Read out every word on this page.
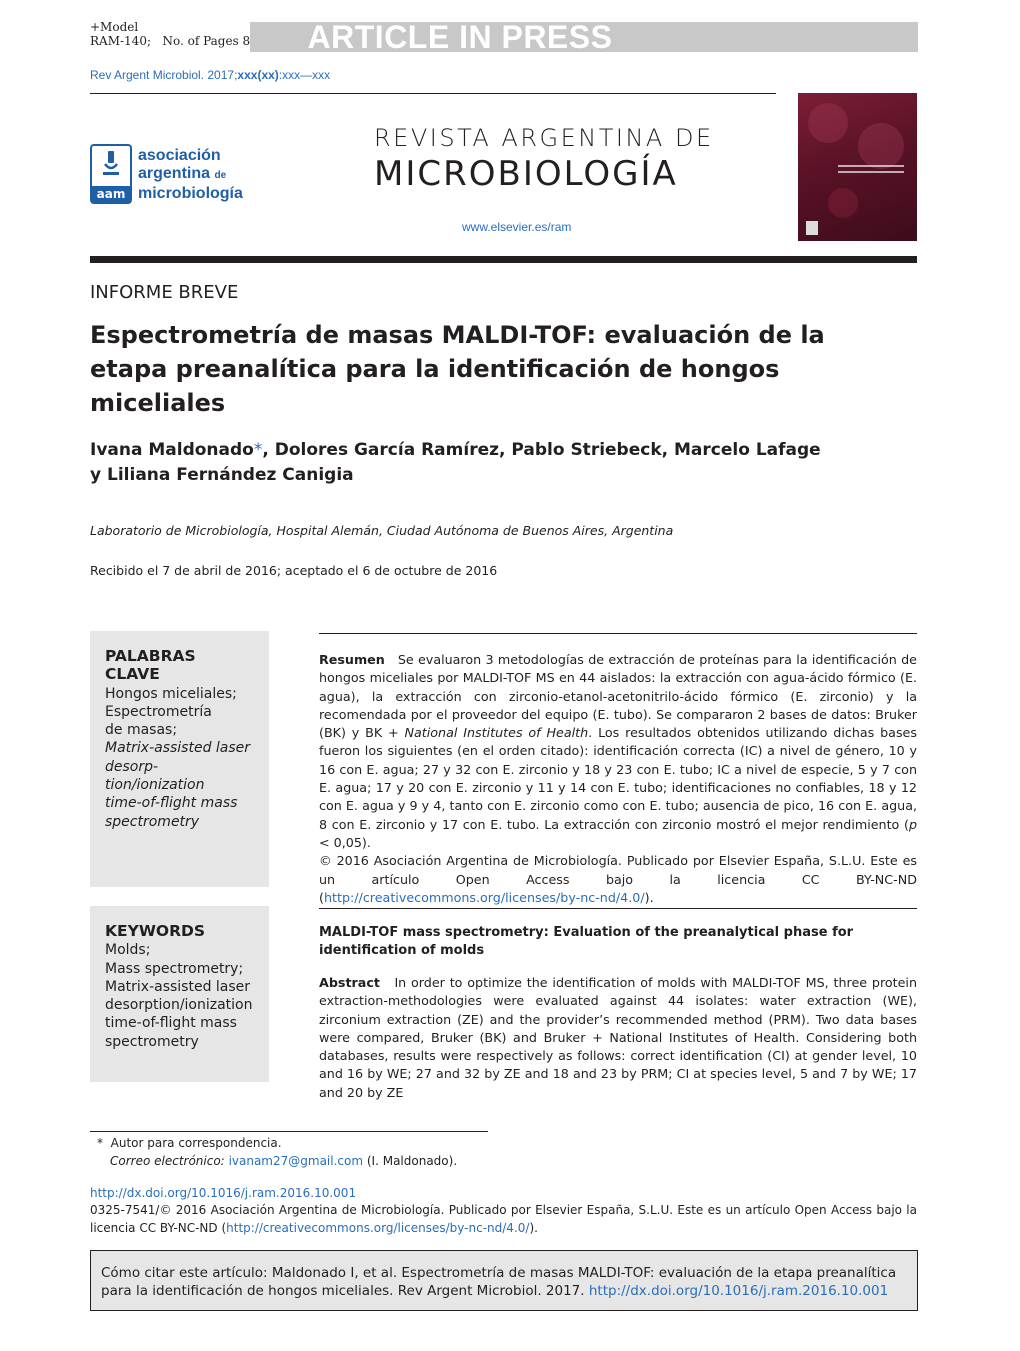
+Model
RAM-140; No. of Pages 8	ARTICLE IN PRESS
Rev Argent Microbiol. 2017;xxx(xx):xxx—xxx
aam
asociación
argentina de
microbiología
REVISTA ARGENTINA DE
MICROBIOLOGÍA
www.elsevier.es/ram
INFORME BREVE
Espectrometría de masas MALDI-TOF: evaluación de la etapa preanalítica para la identificación de hongos miceliales
Ivana Maldonado*, Dolores García Ramírez, Pablo Striebeck, Marcelo Lafage
y Liliana Fernández Canigia
Laboratorio de Microbiología, Hospital Alemán, Ciudad Autónoma de Buenos Aires, Argentina
Recibido el 7 de abril de 2016; aceptado el 6 de octubre de 2016
PALABRAS CLAVE
Hongos miceliales;
Espectrometría
de masas;
Matrix-assisted laser
desorp-
tion/ionization
time-of-flight mass
spectrometry
KEYWORDS
Molds;
Mass spectrometry;
Matrix-assisted laser
desorption/ionization
time-of-flight mass
spectrometry
Resumen Se evaluaron 3 metodologías de extracción de proteínas para la identificación de hongos miceliales por MALDI-TOF MS en 44 aislados: la extracción con agua-ácido fórmico (E. agua), la extracción con zirconio-etanol-acetonitrilo-ácido fórmico (E. zirconio) y la recomendada por el proveedor del equipo (E. tubo). Se compararon 2 bases de datos: Bruker (BK) y BK + National Institutes of Health. Los resultados obtenidos utilizando dichas bases fueron los siguientes (en el orden citado): identificación correcta (IC) a nivel de género, 10 y 16 con E. agua; 27 y 32 con E. zirconio y 18 y 23 con E. tubo; IC a nivel de especie, 5 y 7 con E. agua; 17 y 20 con E. zirconio y 11 y 14 con E. tubo; identificaciones no confiables, 18 y 12 con E. agua y 9 y 4, tanto con E. zirconio como con E. tubo; ausencia de pico, 16 con E. agua, 8 con E. zirconio y 17 con E. tubo. La extracción con zirconio mostró el mejor rendimiento (p < 0,05).
© 2016 Asociación Argentina de Microbiología. Publicado por Elsevier España, S.L.U. Este es un artículo Open Access bajo la licencia CC BY-NC-ND (http://creativecommons.org/licenses/by-nc-nd/4.0/).
MALDI-TOF mass spectrometry: Evaluation of the preanalytical phase for identification of molds
Abstract In order to optimize the identification of molds with MALDI-TOF MS, three protein extraction-methodologies were evaluated against 44 isolates: water extraction (WE), zirconium extraction (ZE) and the provider’s recommended method (PRM). Two data bases were compared, Bruker (BK) and Bruker + National Institutes of Health. Considering both databases, results were respectively as follows: correct identification (CI) at gender level, 10 and 16 by WE; 27 and 32 by ZE and 18 and 23 by PRM; CI at species level, 5 and 7 by WE; 17 and 20 by ZE
* Autor para correspondencia.
Correo electrónico: ivanam27@gmail.com (I. Maldonado).
http://dx.doi.org/10.1016/j.ram.2016.10.001
0325-7541/© 2016 Asociación Argentina de Microbiología. Publicado por Elsevier España, S.L.U. Este es un artículo Open Access bajo la licencia CC BY-NC-ND (http://creativecommons.org/licenses/by-nc-nd/4.0/).
Cómo citar este artículo: Maldonado I, et al. Espectrometría de masas MALDI-TOF: evaluación de la etapa preanalítica para la identificación de hongos miceliales. Rev Argent Microbiol. 2017. http://dx.doi.org/10.1016/j.ram.2016.10.001
